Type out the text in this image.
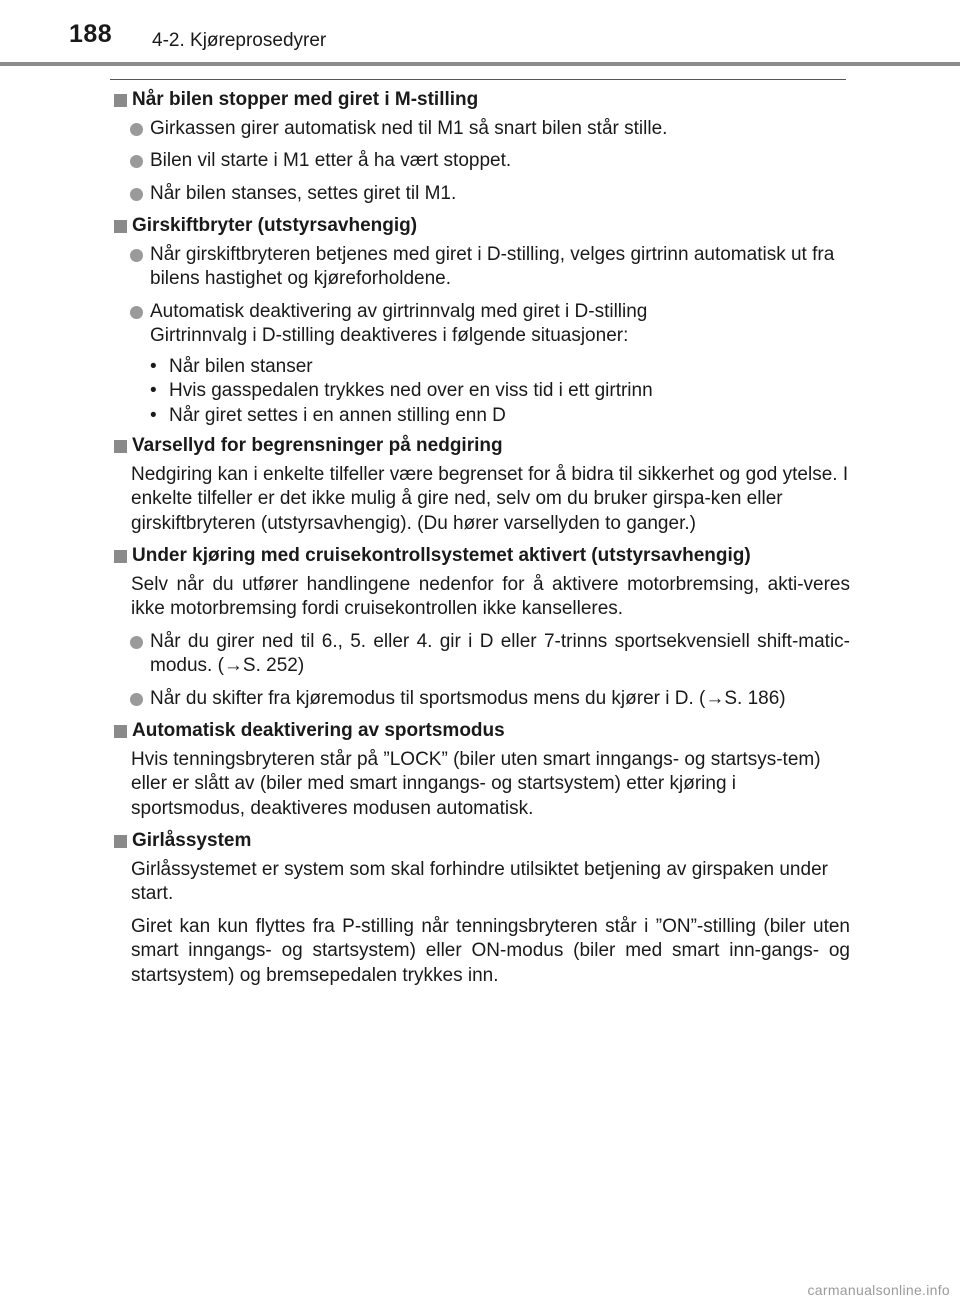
188 4-2. Kjøreprosedyrer
Når bilen stopper med giret i M-stilling
Girkassen girer automatisk ned til M1 så snart bilen står stille.
Bilen vil starte i M1 etter å ha vært stoppet.
Når bilen stanses, settes giret til M1.
Girskiftbryter (utstyrsavhengig)
Når girskiftbryteren betjenes med giret i D-stilling, velges girtrinn automatisk ut fra bilens hastighet og kjøreforholdene.
Automatisk deaktivering av girtrinnvalg med giret i D-stilling
Girtrinnvalg i D-stilling deaktiveres i følgende situasjoner:
• Når bilen stanser
• Hvis gasspedalen trykkes ned over en viss tid i ett girtrinn
• Når giret settes i en annen stilling enn D
Varsellyd for begrensninger på nedgiring
Nedgiring kan i enkelte tilfeller være begrenset for å bidra til sikkerhet og god ytelse. I enkelte tilfeller er det ikke mulig å gire ned, selv om du bruker girspa-ken eller girskiftbryteren (utstyrsavhengig). (Du hører varsellyden to ganger.)
Under kjøring med cruisekontrollsystemet aktivert (utstyrsavhengig)
Selv når du utfører handlingene nedenfor for å aktivere motorbremsing, akti-veres ikke motorbremsing fordi cruisekontrollen ikke kanselleres.
Når du girer ned til 6., 5. eller 4. gir i D eller 7-trinns sportsekvensiell shift-matic-modus. (→S. 252)
Når du skifter fra kjøremodus til sportsmodus mens du kjører i D. (→S. 186)
Automatisk deaktivering av sportsmodus
Hvis tenningsbryteren står på ”LOCK” (biler uten smart inngangs- og startsys-tem) eller er slått av (biler med smart inngangs- og startsystem) etter kjøring i sportsmodus, deaktiveres modusen automatisk.
Girlåssystem
Girlåssystemet er system som skal forhindre utilsiktet betjening av girspaken under start.
Giret kan kun flyttes fra P-stilling når tenningsbryteren står i ”ON”-stilling (biler uten smart inngangs- og startsystem) eller ON-modus (biler med smart inn-gangs- og startsystem) og bremsepedalen trykkes inn.
carmanualsonline.info
